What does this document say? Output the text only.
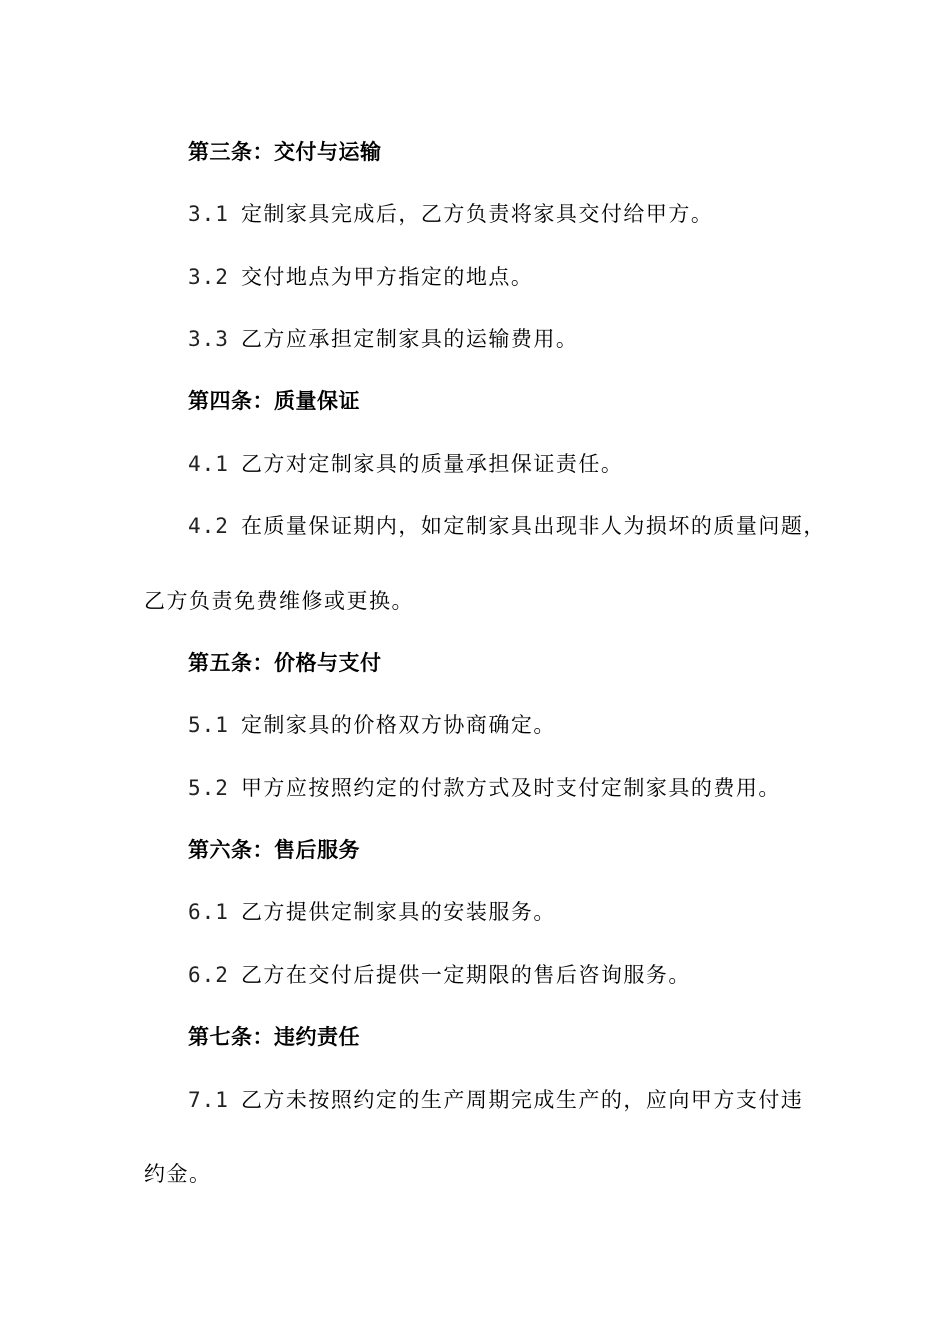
第三条：交付与运输
3.1 定制家具完成后，乙方负责将家具交付给甲方。
3.2 交付地点为甲方指定的地点。
3.3 乙方应承担定制家具的运输费用。
第四条：质量保证
4.1 乙方对定制家具的质量承担保证责任。
4.2 在质量保证期内，如定制家具出现非人为损坏的质量问题，
乙方负责免费维修或更换。
第五条：价格与支付
5.1 定制家具的价格双方协商确定。
5.2 甲方应按照约定的付款方式及时支付定制家具的费用。
第六条：售后服务
6.1 乙方提供定制家具的安装服务。
6.2 乙方在交付后提供一定期限的售后咨询服务。
第七条：违约责任
7.1 乙方未按照约定的生产周期完成生产的，应向甲方支付违
约金。
